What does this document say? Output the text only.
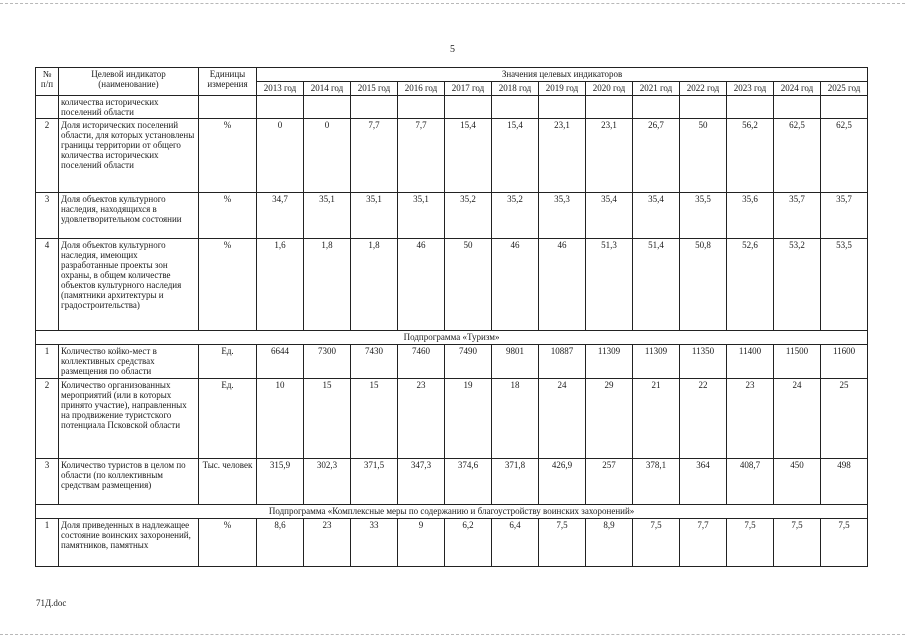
5
№ п/п	Целевой индикатор (наименование)	Единицы измерения	Значения целевых индикаторов												
			2013 год	2014 год	2015 год	2016 год	2017 год	2018 год	2019 год	2020 год	2021 год	2022 год	2023 год	2024 год	2025 год
	количества исторических поселений области														
2	Доля исторических поселений области, для которых установлены границы территории от общего количества исторических поселений области	%	0	0	7,7	7,7	15,4	15,4	23,1	23,1	26,7	50	56,2	62,5	62,5
3	Доля объектов культурного наследия, находящихся в удовлетворительном состоянии	%	34,7	35,1	35,1	35,1	35,2	35,2	35,3	35,4	35,4	35,5	35,6	35,7	35,7
4	Доля объектов культурного наследия, имеющих разработанные проекты зон охраны, в общем количестве объектов культурного наследия (памятники архитектуры и градостроительства)	%	1,6	1,8	1,8	46	50	46	46	51,3	51,4	50,8	52,6	53,2	53,5
Подпрограмма «Туризм»															
1	Количество койко-мест в коллективных средствах размещения по области	Ед.	6644	7300	7430	7460	7490	9801	10887	11309	11309	11350	11400	11500	11600
2	Количество организованных мероприятий (или в которых принято участие), направленных на продвижение туристского потенциала Псковской области	Ед.	10	15	15	23	19	18	24	29	21	22	23	24	25
3	Количество туристов в целом по области (по коллективным средствам размещения)	Тыс. человек	315,9	302,3	371,5	347,3	374,6	371,8	426,9	257	378,1	364	408,7	450	498
Подпрограмма «Комплексные меры по содержанию и благоустройству воинских захоронений»															
1	Доля приведенных в надлежащее состояние воинских захоронений, памятников, памятных	%	8,6	23	33	9	6,2	6,4	7,5	8,9	7,5	7,7	7,5	7,5	7,5
71Д.doc
